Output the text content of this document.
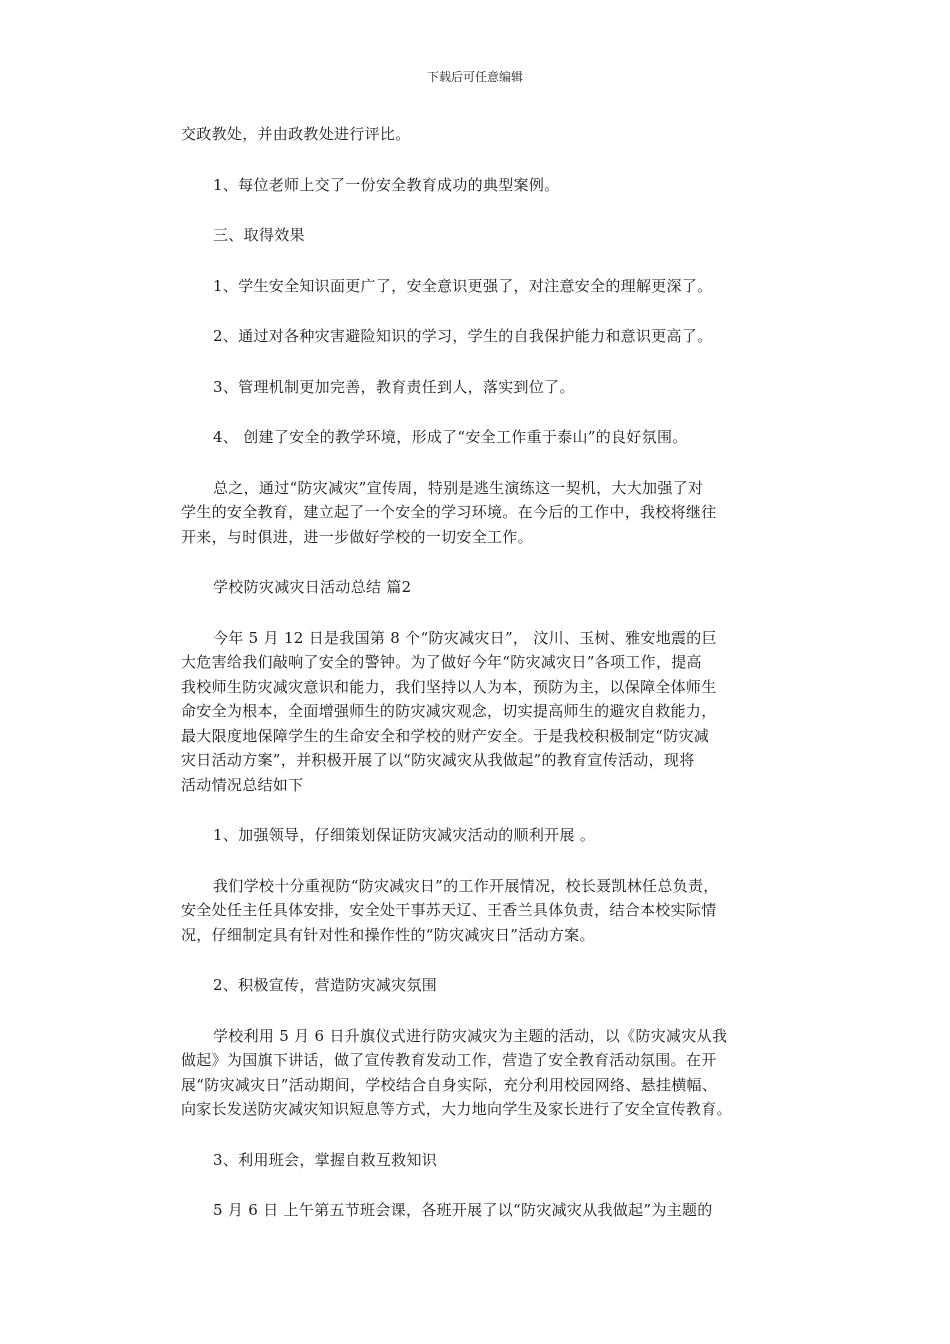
下载后可任意编辑

交政教处，并由政教处进行评比。

1、每位老师上交了一份安全教育成功的典型案例。

三、取得效果

1、学生安全知识面更广了，安全意识更强了，对注意安全的理解更深了。

2、通过对各种灾害避险知识的学习，学生的自我保护能力和意识更高了。

3、管理机制更加完善，教育责任到人，落实到位了。

4、 创建了安全的教学环境，形成了“安全工作重于泰山”的良好氛围。

总之，通过“防灾减灾”宣传周，特别是逃生演练这一契机，大大加强了对
学生的安全教育，建立起了一个安全的学习环境。在今后的工作中，我校将继往
开来，与时俱进，进一步做好学校的一切安全工作。

学校防灾减灾日活动总结 篇2

今年 5 月 12 日是我国第 8 个“防灾减灾日”， 汶川、玉树、雅安地震的巨
大危害给我们敲响了安全的警钟。为了做好今年“防灾减灾日”各项工作，提高
我校师生防灾减灾意识和能力，我们坚持以人为本，预防为主，以保障全体师生
命安全为根本，全面增强师生的防灾减灾观念，切实提高师生的避灾自救能力，
最大限度地保障学生的生命安全和学校的财产安全。于是我校积极制定“防灾减
灾日活动方案”，并积极开展了以“防灾减灾从我做起”的教育宣传活动，现将
活动情况总结如下

1、加强领导，仔细策划保证防灾减灾活动的顺利开展 。

我们学校十分重视防“防灾减灾日”的工作开展情况，校长聂凯林任总负责，
安全处任主任具体安排，安全处干事苏天辽、王香兰具体负责，结合本校实际情
况，仔细制定具有针对性和操作性的“防灾减灾日”活动方案。

2、积极宣传，营造防灾减灾氛围

学校利用 5 月 6 日升旗仪式进行防灾减灾为主题的活动，以《防灾减灾从我
做起》为国旗下讲话，做了宣传教育发动工作，营造了安全教育活动氛围。在开
展“防灾减灾日”活动期间，学校结合自身实际，充分利用校园网络、悬挂横幅、
向家长发送防灾减灾知识短息等方式，大力地向学生及家长进行了安全宣传教育。

3、利用班会，掌握自救互救知识

5 月 6 日 上午第五节班会课，各班开展了以“防灾减灾从我做起”为主题的
